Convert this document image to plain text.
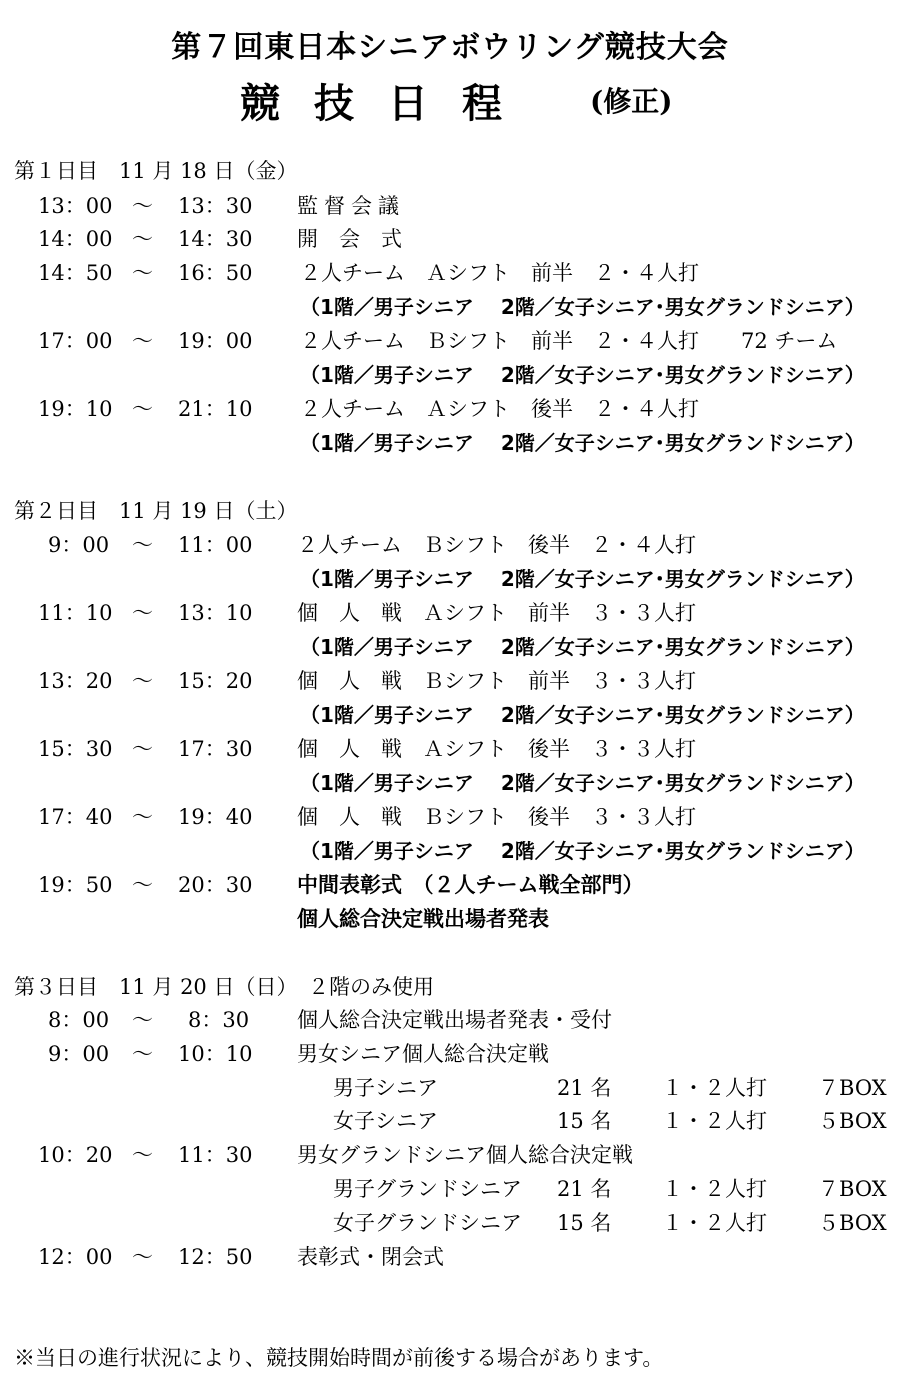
第７回東日本シニアボウリング競技大会
競技日程 (修正)
第１日目　11 月 18 日（金）
13：00 ～ 13：30 監督会議
14：00 ～ 14：30 開　会　式
14：50 ～ 16：50 ２人チーム　Ａシフト　前半　２・４人打
（1階／男子シニア　 2階／女子シニア･男女グランドシニア）
17：00 ～ 19：00 ２人チーム　Ｂシフト　前半　２・４人打　　72 チーム
（1階／男子シニア　 2階／女子シニア･男女グランドシニア）
19：10 ～ 21：10 ２人チーム　Ａシフト　後半　２・４人打
（1階／男子シニア　 2階／女子シニア･男女グランドシニア）
第２日目　11 月 19 日（土）
9：00 ～ 11：00 ２人チーム　Ｂシフト　後半　２・４人打
（1階／男子シニア　 2階／女子シニア･男女グランドシニア）
11：10 ～ 13：10 個　人　戦　Ａシフト　前半　３・３人打
（1階／男子シニア　 2階／女子シニア･男女グランドシニア）
13：20 ～ 15：20 個　人　戦　Ｂシフト　前半　３・３人打
（1階／男子シニア　 2階／女子シニア･男女グランドシニア）
15：30 ～ 17：30 個　人　戦　Ａシフト　後半　３・３人打
（1階／男子シニア　 2階／女子シニア･男女グランドシニア）
17：40 ～ 19：40 個　人　戦　Ｂシフト　後半　３・３人打
（1階／男子シニア　 2階／女子シニア･男女グランドシニア）
19：50 ～ 20：30 中間表彰式　（２人チーム戦全部門）
個人総合決定戦出場者発表
第３日目　11 月 20 日（日）　２階のみ使用
8：00 ～ 8：30 個人総合決定戦出場者発表・受付
9：00 ～ 10：10 男女シニア個人総合決定戦
男子シニア	21 名 １・２人打 ７BOX
女子シニア	15 名 １・２人打 ５BOX
10：20 ～ 11：30 男女グランドシニア個人総合決定戦
男子グランドシニア 21 名 １・２人打 ７BOX
女子グランドシニア 15 名 １・２人打 ５BOX
12：00 ～ 12：50 表彰式・閉会式
※当日の進行状況により、競技開始時間が前後する場合があります。
